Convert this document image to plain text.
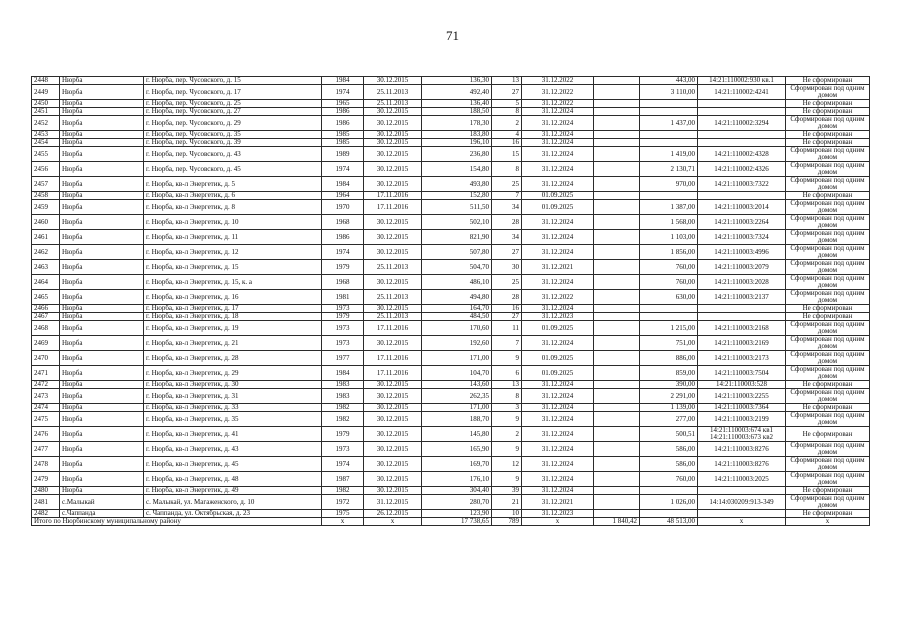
71
2448	Нюрба	г. Нюрба, пер. Чусовского, д. 15	1984	30.12.2015	136,30	13	31.12.2022		443,00	14:21:110002:930 кв.1	Не сформирован
2449	Нюрба	г. Нюрба, пер. Чусовского, д. 17	1974	25.11.2013	492,40	27	31.12.2022		3 110,00	14:21:110002:4241	Сформирован под одним домом
2450	Нюрба	г. Нюрба, пер. Чусовского, д. 25	1965	25.11.2013	136,40	5	31.12.2022				Не сформирован
2451	Нюрба	г. Нюрба, пер. Чусовского, д. 27	1986	30.12.2015	188,50	8	31.12.2024				Не сформирован
2452	Нюрба	г. Нюрба, пер. Чусовского, д. 29	1986	30.12.2015	178,30	2	31.12.2024		1 437,00	14:21:110002:3294	Сформирован под одним домом
2453	Нюрба	г. Нюрба, пер. Чусовского, д. 35	1985	30.12.2015	183,80	4	31.12.2024				Не сформирован
2454	Нюрба	г. Нюрба, пер. Чусовского, д. 39	1985	30.12.2015	196,10	16	31.12.2024				Не сформирован
2455	Нюрба	г. Нюрба, пер. Чусовского, д. 43	1989	30.12.2015	236,80	15	31.12.2024		1 419,00	14:21:110002:4328	Сформирован под одним домом
2456	Нюрба	г. Нюрба, пер. Чусовского, д. 45	1974	30.12.2015	154,80	8	31.12.2024		2 130,71	14:21:110002:4326	Сформирован под одним домом
2457	Нюрба	г. Нюрба, кв-л Энергетик, д. 5	1984	30.12.2015	493,80	25	31.12.2024		970,00	14:21:110003:7322	Сформирован под одним домом
2458	Нюрба	г. Нюрба, кв-л Энергетик, д. 6	1964	17.11.2016	152,80	7	01.09.2025				Не сформирован
2459	Нюрба	г. Нюрба, кв-л Энергетик, д. 8	1970	17.11.2016	511,50	34	01.09.2025		1 387,00	14:21:110003:2014	Сформирован под одним домом
2460	Нюрба	г. Нюрба, кв-л Энергетик, д. 10	1968	30.12.2015	502,10	28	31.12.2024		1 568,00	14:21:110003:2264	Сформирован под одним домом
2461	Нюрба	г. Нюрба, кв-л Энергетик, д. 11	1986	30.12.2015	821,90	34	31.12.2024		1 103,00	14:21:110003:7324	Сформирован под одним домом
2462	Нюрба	г. Нюрба, кв-л Энергетик, д. 12	1974	30.12.2015	507,80	27	31.12.2024		1 856,00	14:21:110003:4996	Сформирован под одним домом
2463	Нюрба	г. Нюрба, кв-л Энергетик, д. 15	1979	25.11.2013	504,70	30	31.12.2021		760,00	14:21:110003:2079	Сформирован под одним домом
2464	Нюрба	г. Нюрба, кв-л Энергетик, д. 15, к. а	1968	30.12.2015	486,10	25	31.12.2024		760,00	14:21:110003:2028	Сформирован под одним домом
2465	Нюрба	г. Нюрба, кв-л Энергетик, д. 16	1981	25.11.2013	494,80	28	31.12.2022		630,00	14:21:110003:2137	Сформирован под одним домом
2466	Нюрба	г. Нюрба, кв-л Энергетик, д. 17	1973	30.12.2015	164,70	16	31.12.2024				Не сформирован
2467	Нюрба	г. Нюрба, кв-л Энергетик, д. 18	1979	25.11.2013	484,50	27	31.12.2023				Не сформирован
2468	Нюрба	г. Нюрба, кв-л Энергетик, д. 19	1973	17.11.2016	170,60	11	01.09.2025		1 215,00	14:21:110003:2168	Сформирован под одним домом
2469	Нюрба	г. Нюрба, кв-л Энергетик, д. 21	1973	30.12.2015	192,60	7	31.12.2024		751,00	14:21:110003:2169	Сформирован под одним домом
2470	Нюрба	г. Нюрба, кв-л Энергетик, д. 28	1977	17.11.2016	171,00	9	01.09.2025		886,00	14:21:110003:2173	Сформирован под одним домом
2471	Нюрба	г. Нюрба, кв-л Энергетик, д. 29	1984	17.11.2016	104,70	6	01.09.2025		859,00	14:21:110003:7504	Сформирован под одним домом
2472	Нюрба	г. Нюрба, кв-л Энергетик, д. 30	1983	30.12.2015	143,60	13	31.12.2024		390,00	14:21:110003:528	Не сформирован
2473	Нюрба	г. Нюрба, кв-л Энергетик, д. 31	1983	30.12.2015	262,35	8	31.12.2024		2 291,00	14:21:110003:2255	Сформирован под одним домом
2474	Нюрба	г. Нюрба, кв-л Энергетик, д. 33	1982	30.12.2015	171,00	3	31.12.2024		1 139,00	14:21:110003:7364	Не сформирован
2475	Нюрба	г. Нюрба, кв-л Энергетик, д. 35	1982	30.12.2015	188,70	9	31.12.2024		277,00	14:21:110003:2199	Сформирован под одним домом
2476	Нюрба	г. Нюрба, кв-л Энергетик, д. 41	1979	30.12.2015	145,80	2	31.12.2024		500,51	14:21:110003:674 кв1 14:21:110003:673 кв2	Не сформирован
2477	Нюрба	г. Нюрба, кв-л Энергетик, д. 43	1973	30.12.2015	165,90	9	31.12.2024		586,00	14:21:110003:8276	Сформирован под одним домом
2478	Нюрба	г. Нюрба, кв-л Энергетик, д. 45	1974	30.12.2015	169,70	12	31.12.2024		586,00	14:21:110003:8276	Сформирован под одним домом
2479	Нюрба	г. Нюрба, кв-л Энергетик, д. 48	1987	30.12.2015	176,10	9	31.12.2024		760,00	14:21:110003:2025	Сформирован под одним домом
2480	Нюрба	г. Нюрба, кв-л Энергетик, д. 49	1982	30.12.2015	304,40	39	31.12.2024				Не сформирован
2481	с.Малыкай	с. Малыкай, ул. Магаженского, д. 10	1972	31.12.2015	280,70	21	31.12.2021		1 026,00	14:14:030209:913-349	Сформирован под одним домом
2482	с.Чаппанда	с. Чаппанда, ул. Октябрьская, д. 23	1975	26.12.2015	123,90	10	31.12.2023				Не сформирован
Итого по Нюрбинскому муниципальному району			x	x	17 738,65	789	x	1 840,42	48 513,00	x	x
